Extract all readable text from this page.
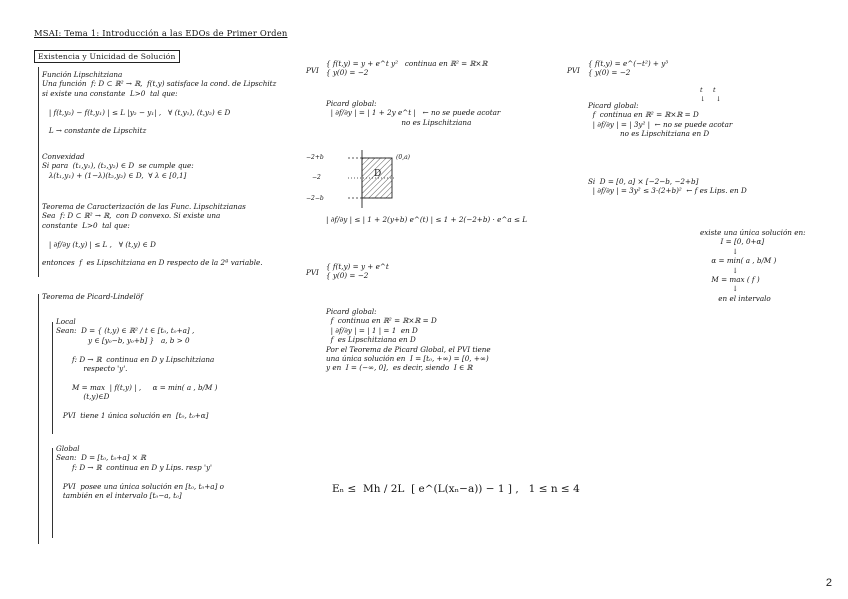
MSAI: Tema 1: Introducción a las EDOs de Primer Orden

Existencia y Unicidad de Solución

Función Lipschitziana
Una función  f: D ⊂ ℝ² → ℝ,  f(t,y) satisface la cond. de Lipschitz
si existe una constante  L>0  tal que:

| f(t,y₂) − f(t,y₁) | ≤ L |y₂ − y₁| ,   ∀ (t,y₁), (t,y₂) ∈ D

L → constante de Lipschitz

Convexidad
Si para  (t₁,y₁), (t₂,y₂) ∈ D  se cumple que:
λ(t₁,y₁) + (1−λ)(t₂,y₂) ∈ D,  ∀ λ ∈ [0,1]

Teorema de Caracterización de las Func. Lipschitzianas
Sea  f: D ⊂ ℝ² → ℝ,  con D convexo. Si existe una
constante  L>0  tal que:

| ∂f/∂y (t,y) | ≤ L ,   ∀ (t,y) ∈ D

entonces  f  es Lipschitziana en D respecto de la 2ª variable.

Teorema de Picard-Lindelöf

Local
Sean:  D = { (t,y) ∈ ℝ² / t ∈ [t₀, t₀+a] ,
y ∈ [y₀−b, y₀+b] }   a, b > 0

f: D → ℝ  continua en D y Lipschitziana
respecto 'y'.

M = max  | f(t,y) | ,     α = min( a , b/M )
(t,y)∈D

PVI  tiene 1 única solución en  [t₀, t₀+α]

Global
Sean:  D = [t₀, t₀+a] × ℝ
f: D → ℝ  continua en D y Lips. resp 'y'

PVI  posee una única solución en [t₀, t₀+a] o
también en el intervalo [t₀−a, t₀]

PVI

{ f(t,y) = y + e^t y²   continua en ℝ² = ℝ×ℝ
{ y(0) = −2

Picard global:
| ∂f/∂y | = | 1 + 2y e^t |   ← no se puede acotar
no es Lipschitziana

−2+b	(0,a)

−2	D

−2−b

| ∂f/∂y | ≤ | 1 + 2(y+b) e^(t) | ≤ 1 + 2(−2+b) · e^a ≤ L

PVI

{ f(t,y) = y + e^t
{ y(0) = −2

Picard global:
f  continua en ℝ² = ℝ×ℝ = D
| ∂f/∂y | = | 1 | = 1  en D
f  es Lipschitziana en D
Por el Teorema de Picard Global, el PVI tiene
una única solución en  I = [t₀, +∞) = [0, +∞)
y en  I = (−∞, 0],  es decir, siendo  I ∈ ℝ

Eₙ ≤  Mh / 2L  [ e^(L(xₙ−a)) − 1 ] ,   1 ≤ n ≤ 4

PVI

{ f(t,y) = e^(−t²) + y³
{ y(0) = −2

t     t
↓     ↓

Picard global:
f  continua en ℝ² = ℝ×ℝ = D
| ∂f/∂y | = | 3y² |  ← no se puede acotar
no es Lipschitziana en D

Si  D = [0, a] × [−2−b, −2+b]
| ∂f/∂y | = 3y² ≤ 3·(2+b)²  ← f es Lips. en D

existe una única solución en:
I = [0, 0+α]
↓
α = min( a , b/M )
↓
M = max ( f )
↓
en el intervalo

2
